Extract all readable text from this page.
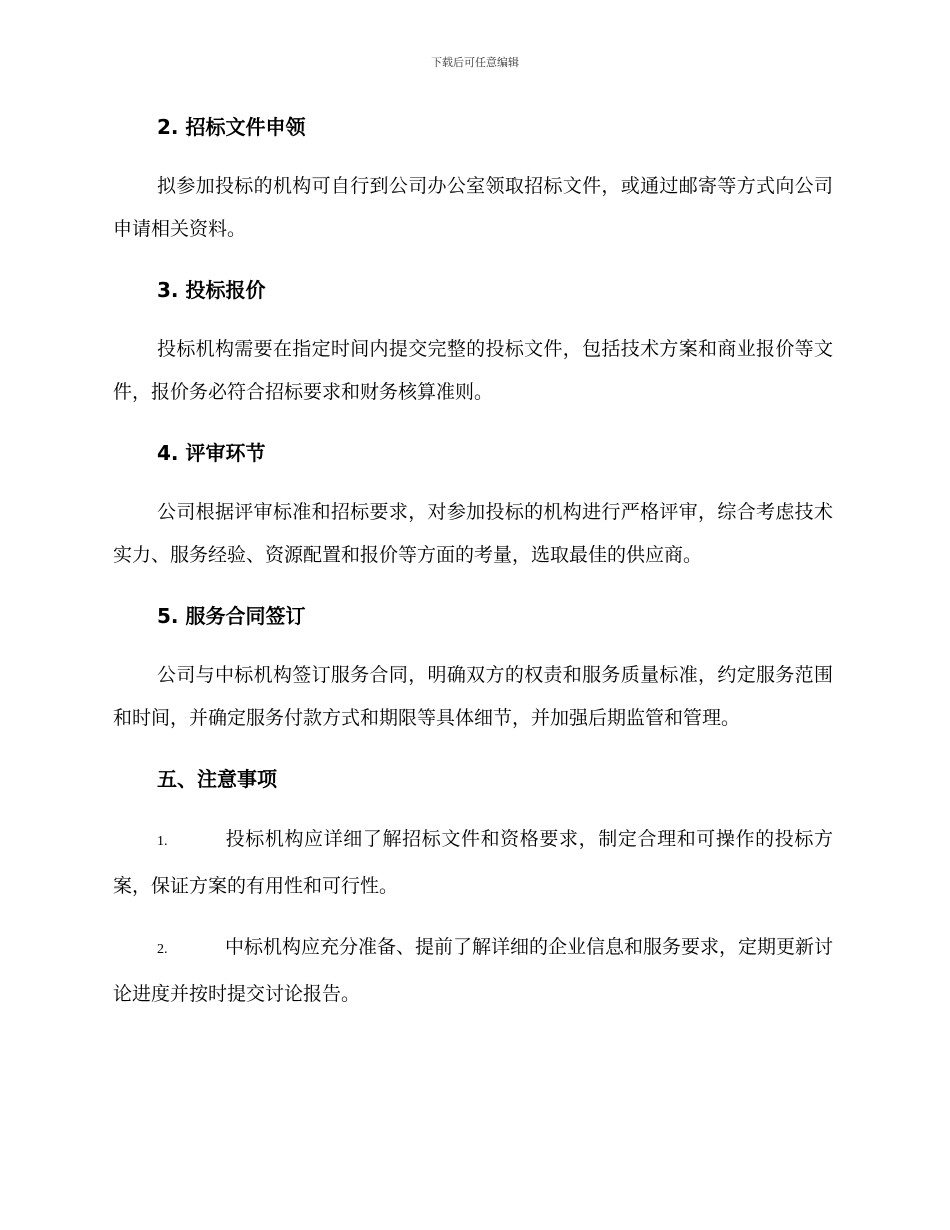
下载后可任意编辑
2. 招标文件申领

拟参加投标的机构可自行到公司办公室领取招标文件，或通过邮寄等方式向公司申请相关资料。

3. 投标报价

投标机构需要在指定时间内提交完整的投标文件，包括技术方案和商业报价等文件，报价务必符合招标要求和财务核算准则。

4. 评审环节

公司根据评审标准和招标要求，对参加投标的机构进行严格评审，综合考虑技术实力、服务经验、资源配置和报价等方面的考量，选取最佳的供应商。

5. 服务合同签订

公司与中标机构签订服务合同，明确双方的权责和服务质量标准，约定服务范围和时间，并确定服务付款方式和期限等具体细节，并加强后期监管和管理。

五、注意事项

1.	投标机构应详细了解招标文件和资格要求，制定合理和可操作的投标方案，保证方案的有用性和可行性。

2.	中标机构应充分准备、提前了解详细的企业信息和服务要求，定期更新讨论进度并按时提交讨论报告。
